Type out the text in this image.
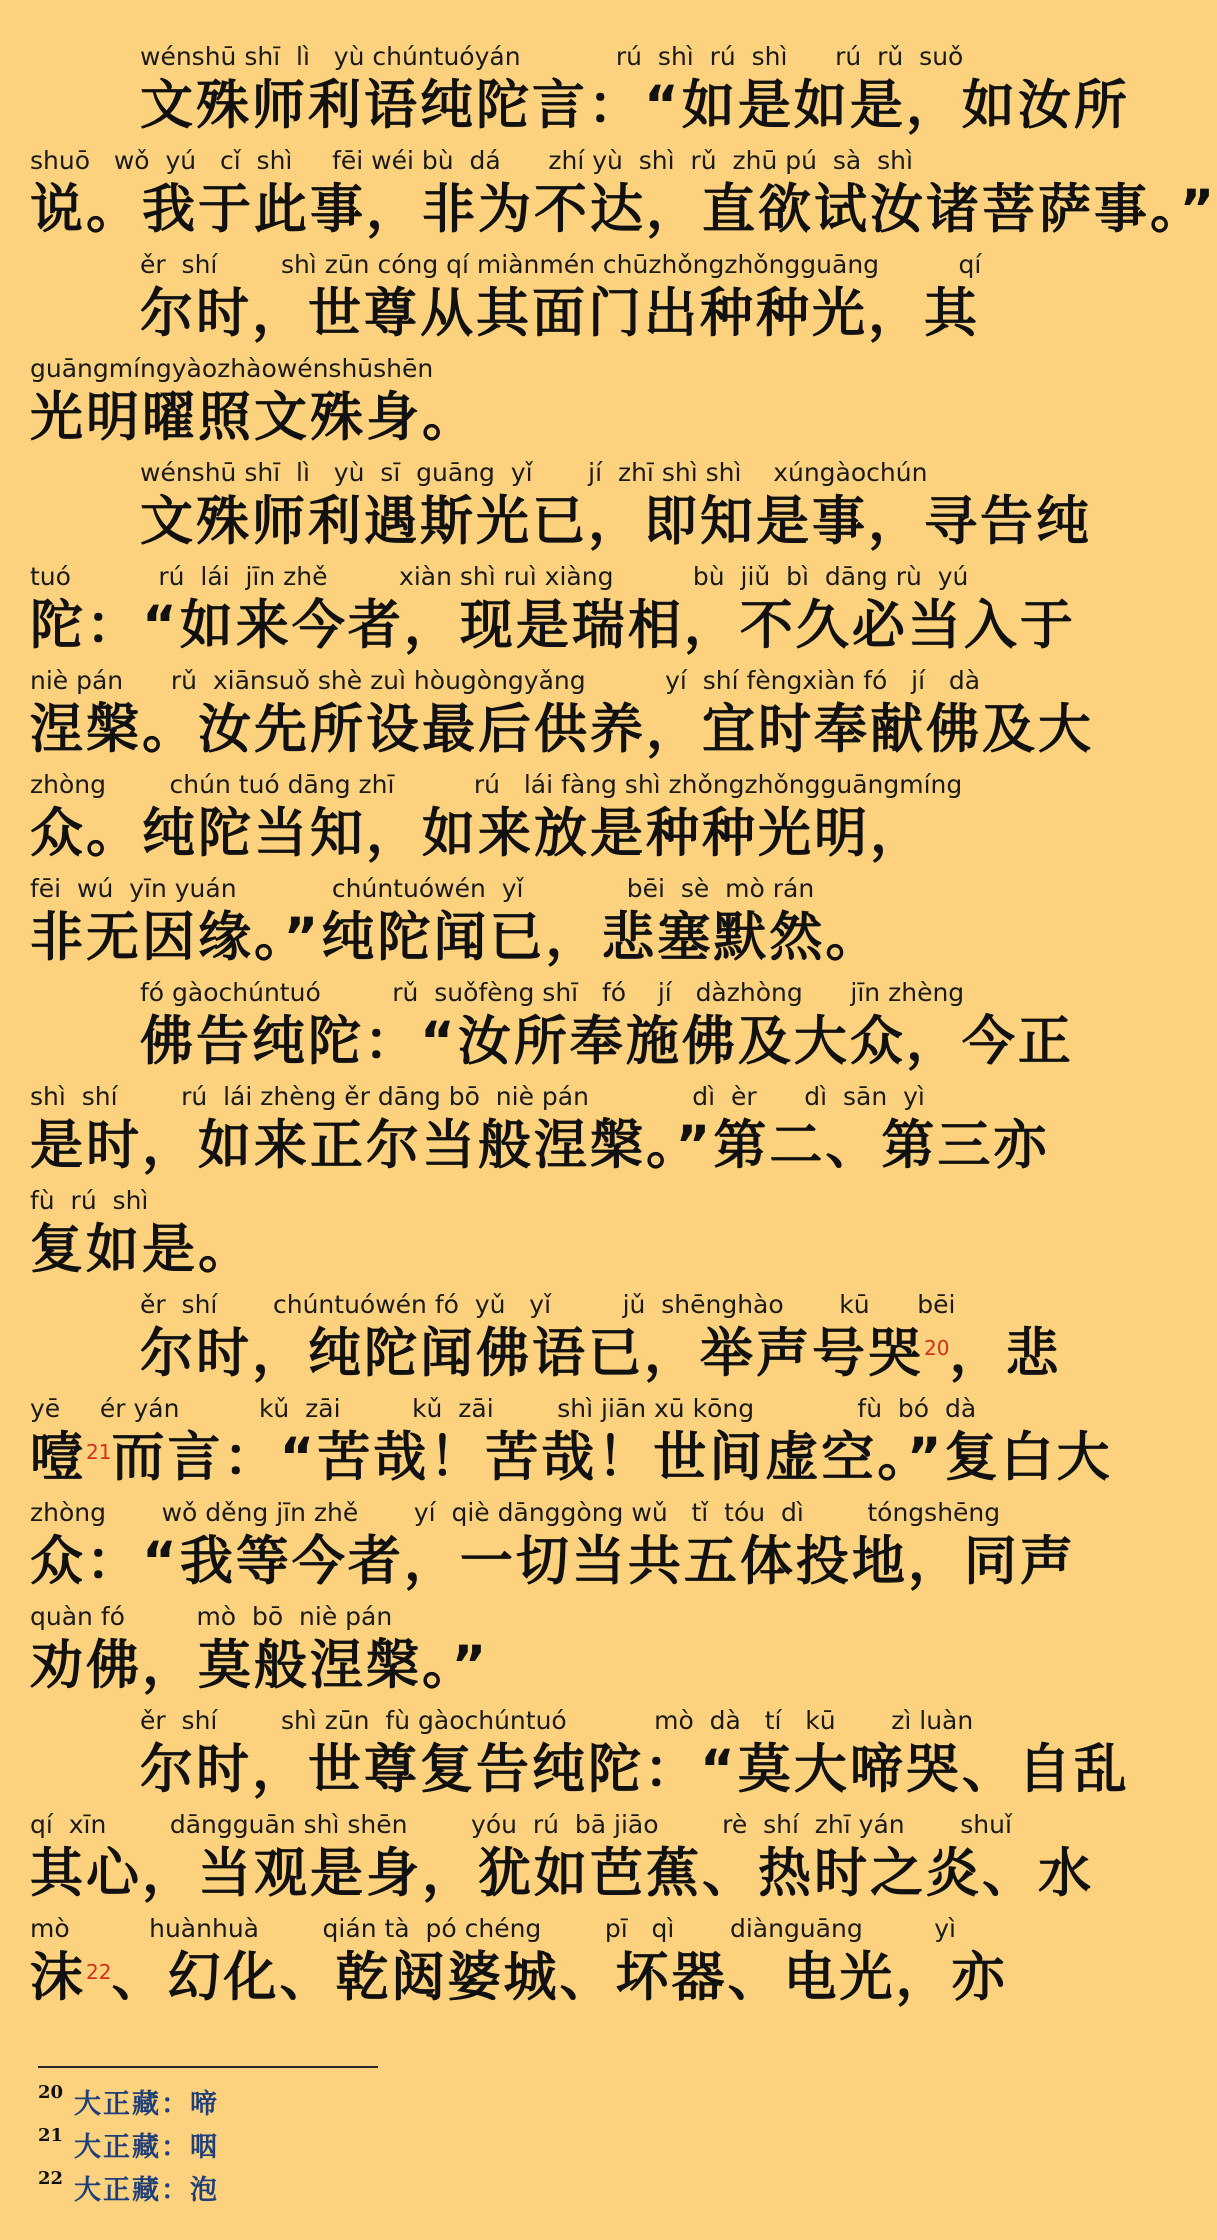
wénshū shī  lì   yù chúntuóyán            rú  shì  rú  shì      rú  rǔ  suǒ
文殊师利语纯陀言：“如是如是，如汝所
shuō   wǒ  yú   cǐ  shì     fēi wéi bù  dá      zhí yù  shì  rǔ  zhū pú  sà  shì
说。我于此事，非为不达，直欲试汝诸菩萨事。”
ěr  shí        shì zūn cóng qí miànmén chūzhǒngzhǒngguāng          qí
尔时，世尊从其面门出种种光，其
guāngmíngyàozhàowénshūshēn
光明曜照文殊身。
wénshū shī  lì   yù  sī  guāng  yǐ       jí  zhī shì shì    xúngàochún
文殊师利遇斯光已，即知是事，寻告纯
tuó           rú  lái  jīn zhě         xiàn shì ruì xiàng          bù  jiǔ  bì  dāng rù  yú
陀：“如来今者，现是瑞相，不久必当入于
niè pán      rǔ  xiānsuǒ shè zuì hòugòngyǎng          yí  shí fèngxiàn fó   jí   dà
涅槃。汝先所设最后供养，宜时奉献佛及大
zhòng        chún tuó dāng zhī          rú   lái fàng shì zhǒngzhǒngguāngmíng
众。纯陀当知，如来放是种种光明，
fēi  wú  yīn yuán            chúntuówén  yǐ             bēi  sè  mò rán
非无因缘。”纯陀闻已，悲塞默然。
fó gàochúntuó         rǔ  suǒfèng shī   fó    jí   dàzhòng      jīn zhèng
佛告纯陀：“汝所奉施佛及大众，今正
shì  shí        rú  lái zhèng ěr dāng bō  niè pán             dì  èr      dì  sān  yì
是时，如来正尔当般涅槃。”第二、第三亦
fù  rú  shì
复如是。
ěr  shí       chúntuówén fó  yǔ   yǐ         jǔ  shēnghào       kū      bēi
尔时，纯陀闻佛语已，举声号哭$^{20}$，悲
yē     ér yán          kǔ  zāi         kǔ  zāi        shì jiān xū kōng             fù  bó  dà
噎$^{21}$而言：“苦哉！苦哉！世间虚空。”复白大
zhòng       wǒ děng jīn zhě       yí  qiè dānggòng wǔ   tǐ  tóu  dì        tóngshēng
众：“我等今者，一切当共五体投地，同声
quàn fó         mò  bō  niè pán
劝佛，莫般涅槃。”
ěr  shí        shì zūn  fù gàochúntuó           mò  dà   tí   kū       zì luàn
尔时，世尊复告纯陀：“莫大啼哭、自乱
qí  xīn        dāngguān shì shēn        yóu  rú  bā jiāo        rè  shí  zhī yán       shuǐ
其心，当观是身，犹如芭蕉、热时之炎、水
mò          huànhuà        qián tà  pó chéng        pī   qì       diànguāng         yì
沫$^{22}$、幻化、乾闼婆城、坏器、电光，亦
20 大正藏：啼
21 大正藏：咽
22 大正藏：泡
